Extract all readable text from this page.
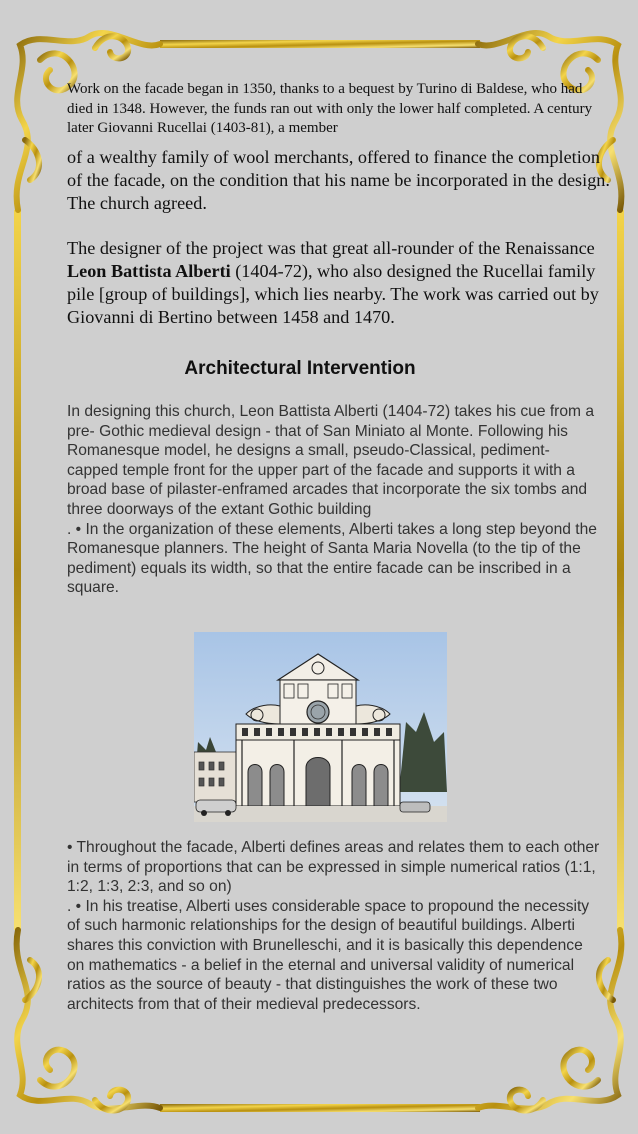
Work on the facade began in 1350, thanks to a bequest by Turino di Baldese, who had died in 1348. However, the funds ran out with only the lower half completed. A century later Giovanni Rucellai (1403-81), a member

of a wealthy family of wool merchants, offered to finance the completion of the facade, on the condition that his name be incorporated in the design. The church agreed.

The designer of the project was that great all-rounder of the Renaissance Leon Battista Alberti (1404-72), who also designed the Rucellai family pile [group of buildings], which lies nearby. The work was carried out by Giovanni di Bertino between 1458 and 1470.

Architectural Intervention
In designing this church, Leon Battista Alberti (1404-72) takes his cue from a pre- Gothic medieval design - that of San Miniato al Monte. Following his Romanesque model, he designs a small, pseudo-Classical, pediment- capped temple front for the upper part of the facade and supports it with a broad base of pilaster-enframed arcades that incorporate the six tombs and three doorways of the extant Gothic building
. • In the organization of these elements, Alberti takes a long step beyond the Romanesque planners. The height of Santa Maria Novella (to the tip of the pediment) equals its width, so that the entire facade can be inscribed in a square.
• Throughout the facade, Alberti defines areas and relates them to each other in terms of proportions that can be expressed in simple numerical ratios (1:1, 1:2, 1:3, 2:3, and so on)
. • In his treatise, Alberti uses considerable space to propound the necessity of such harmonic relationships for the design of beautiful buildings. Alberti shares this conviction with Brunelleschi, and it is basically this dependence on mathematics - a belief in the eternal and universal validity of numerical ratios as the source of beauty - that distinguishes the work of these two architects from that of their medieval predecessors.
